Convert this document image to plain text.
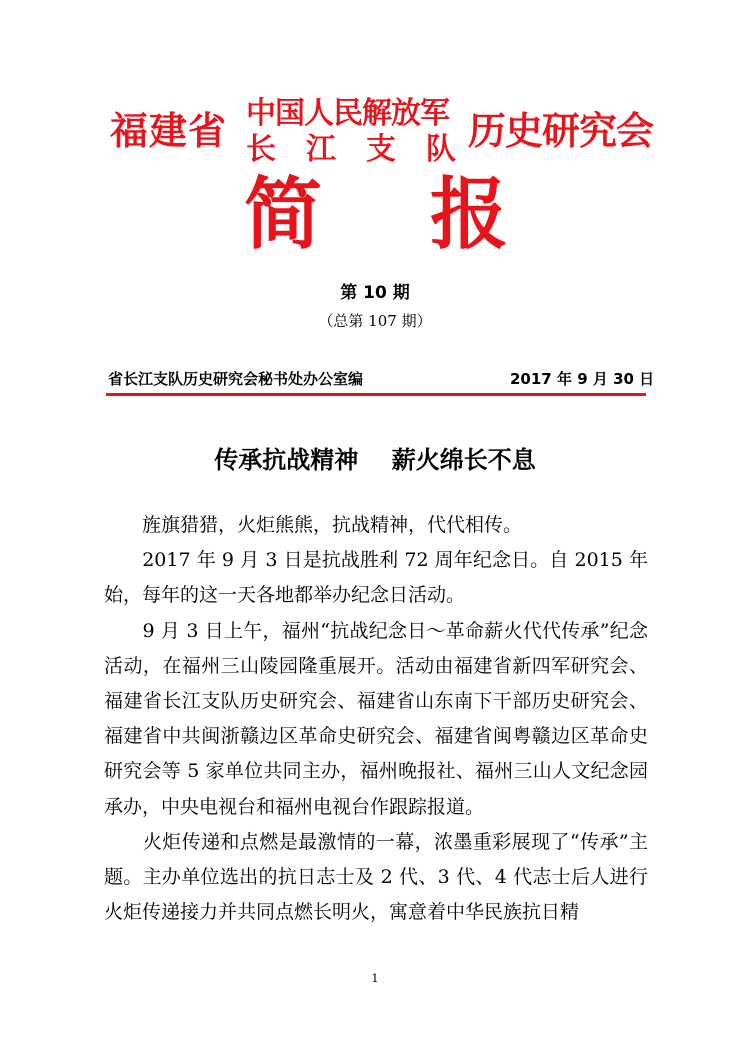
福建省 中国人民解放军
长 江 支 队 历史研究会
简 报
第 10 期
（总第 107 期）
省长江支队历史研究会秘书处办公室编	2017 年 9 月 30 日
传承抗战精神    薪火绵长不息

　　旌旗猎猎，火炬熊熊，抗战精神，代代相传。

　　2017 年 9 月 3 日是抗战胜利 72 周年纪念日。自 2015 年始，每年的这一天各地都举办纪念日活动。

　　9 月 3 日上午，福州“抗战纪念日～革命薪火代代传承”纪念活动，在福州三山陵园隆重展开。活动由福建省新四军研究会、福建省长江支队历史研究会、福建省山东南下干部历史研究会、福建省中共闽浙赣边区革命史研究会、福建省闽粤赣边区革命史研究会等 5 家单位共同主办，福州晚报社、福州三山人文纪念园承办，中央电视台和福州电视台作跟踪报道。

　　火炬传递和点燃是最激情的一幕，浓墨重彩展现了“传承”主题。主办单位选出的抗日志士及 2 代、3 代、4 代志士后人进行火炬传递接力并共同点燃长明火，寓意着中华民族抗日精

1
